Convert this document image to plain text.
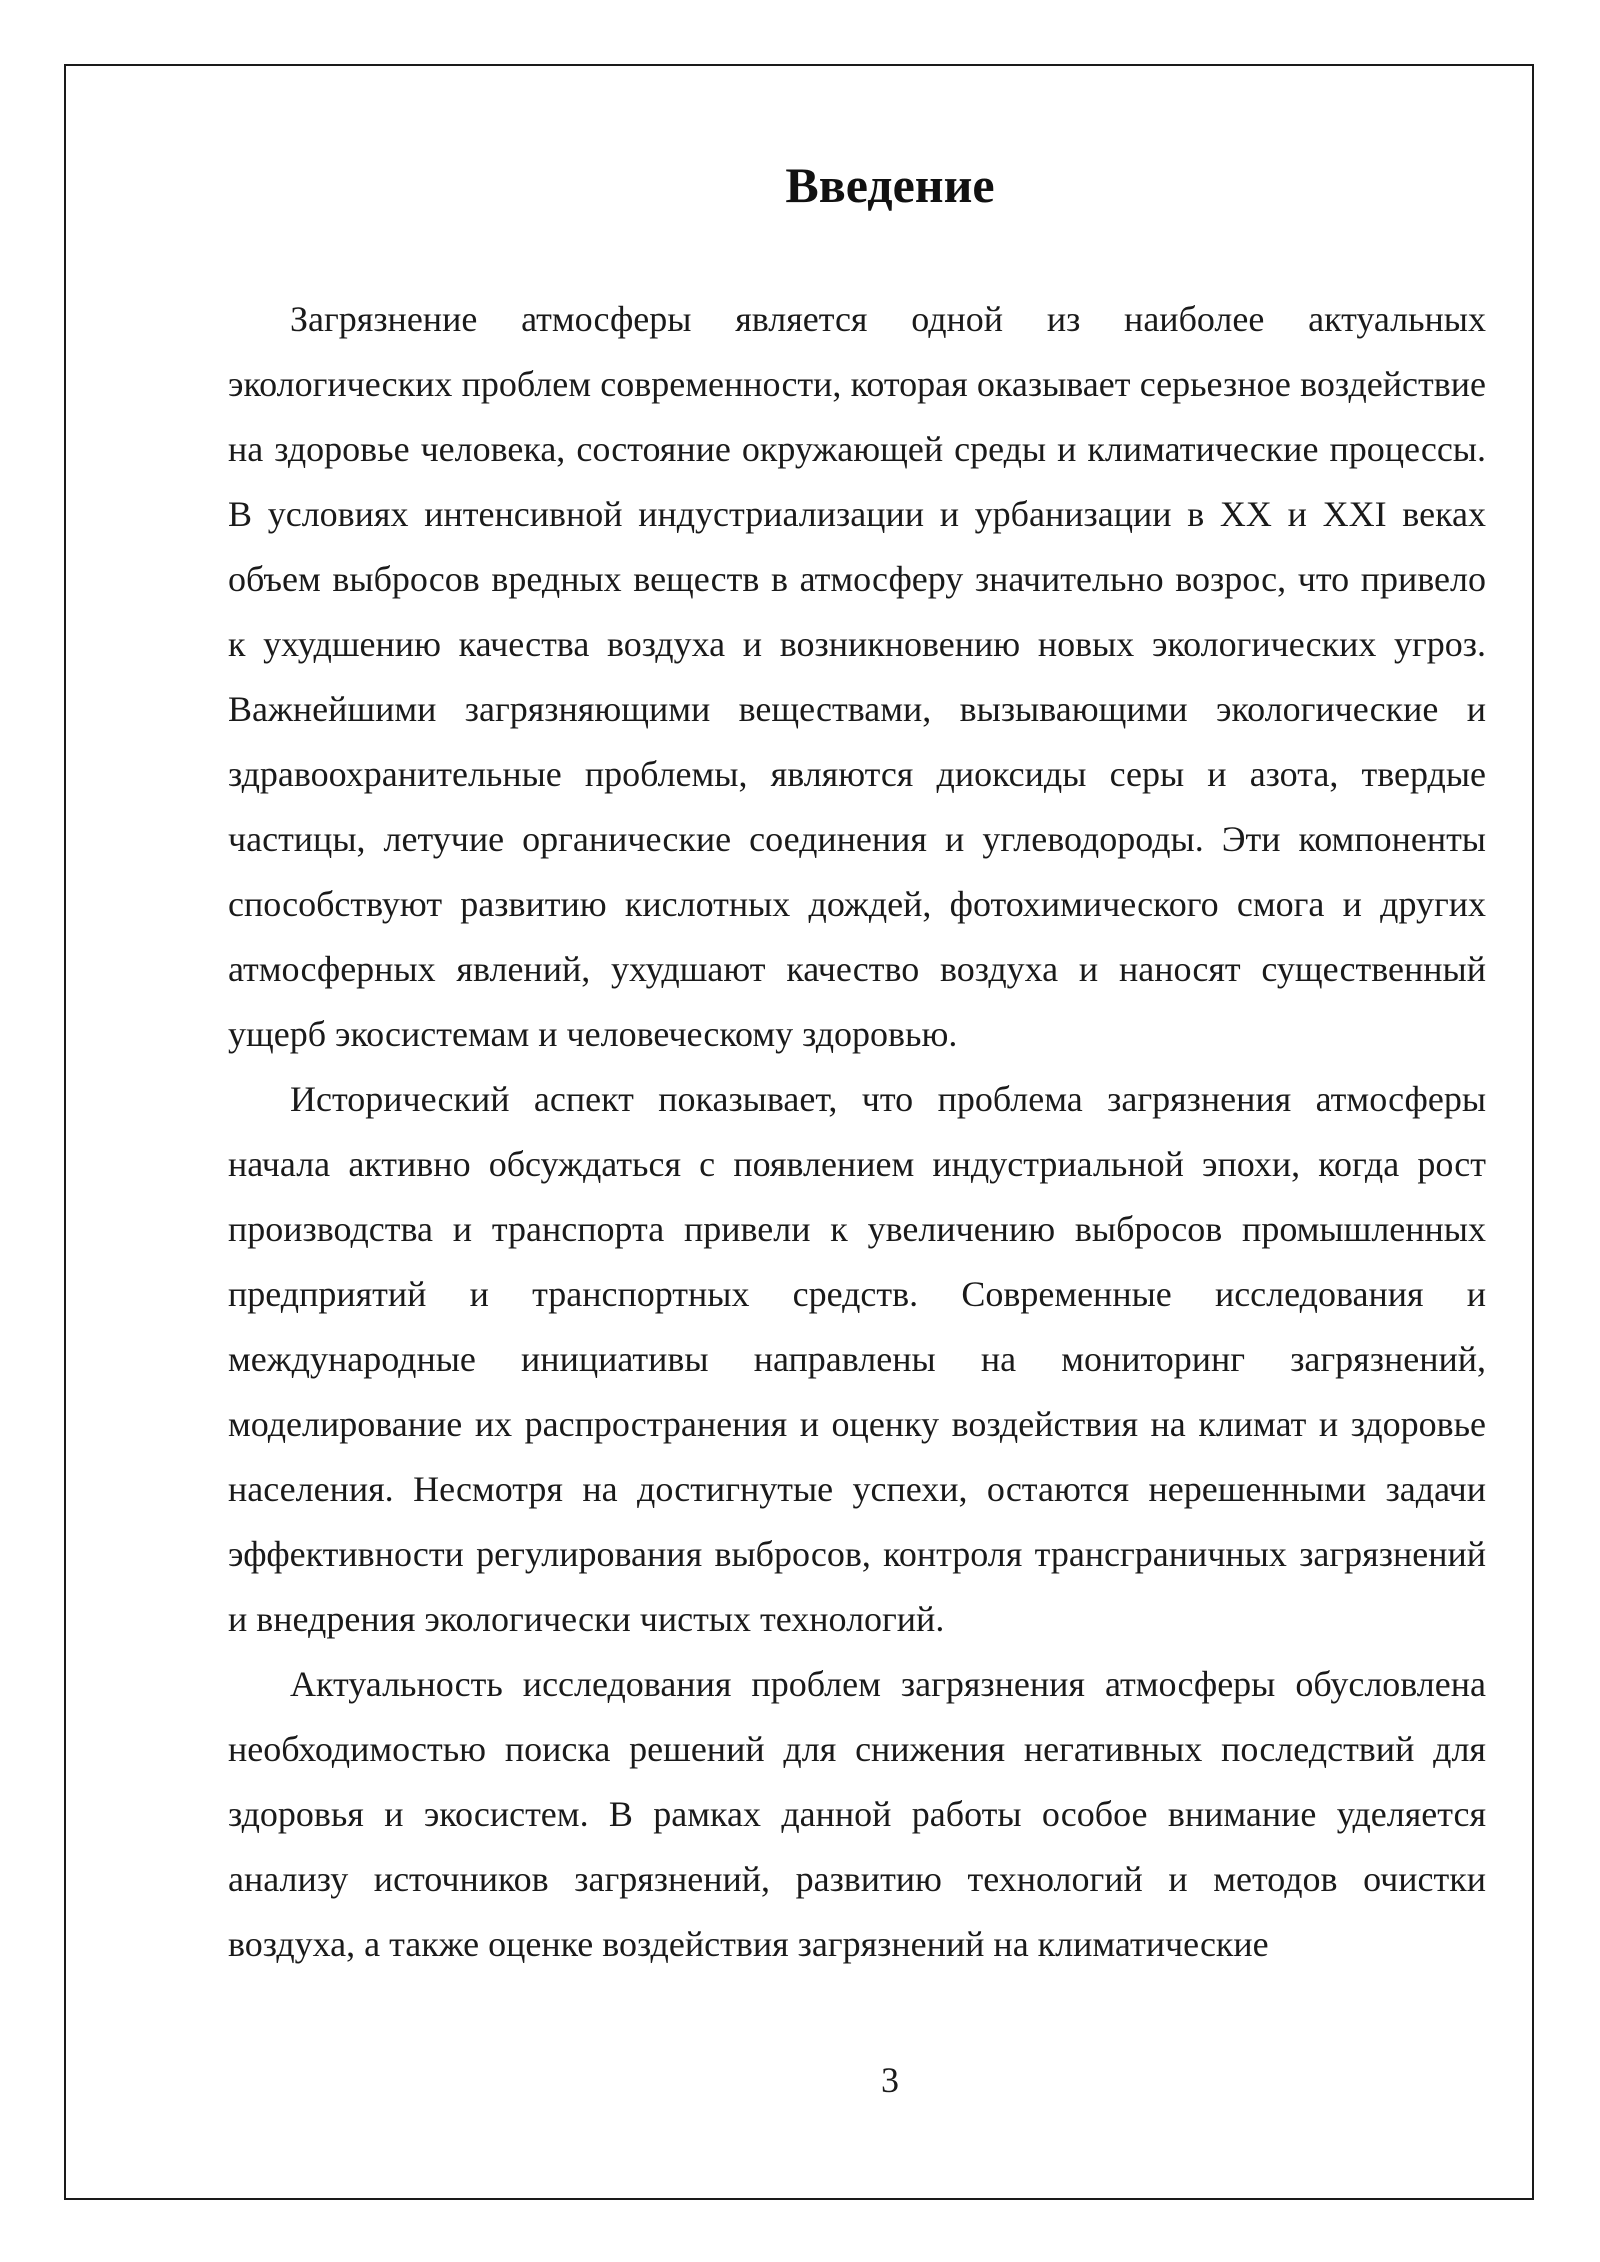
Введение

Загрязнение атмосферы является одной из наиболее актуальных экологических проблем современности, которая оказывает серьезное воздействие на здоровье человека, состояние окружающей среды и климатические процессы. В условиях интенсивной индустриализации и урбанизации в XX и XXI веках объем выбросов вредных веществ в атмосферу значительно возрос, что привело к ухудшению качества воздуха и возникновению новых экологических угроз. Важнейшими загрязняющими веществами, вызывающими экологические и здравоохранительные проблемы, являются диоксиды серы и азота, твердые частицы, летучие органические соединения и углеводороды. Эти компоненты способствуют развитию кислотных дождей, фотохимического смога и других атмосферных явлений, ухудшают качество воздуха и наносят существенный ущерб экосистемам и человеческому здоровью.

Исторический аспект показывает, что проблема загрязнения атмосферы начала активно обсуждаться с появлением индустриальной эпохи, когда рост производства и транспорта привели к увеличению выбросов промышленных предприятий и транспортных средств. Современные исследования и международные инициативы направлены на мониторинг загрязнений, моделирование их распространения и оценку воздействия на климат и здоровье населения. Несмотря на достигнутые успехи, остаются нерешенными задачи эффективности регулирования выбросов, контроля трансграничных загрязнений и внедрения экологически чистых технологий.

Актуальность исследования проблем загрязнения атмосферы обусловлена необходимостью поиска решений для снижения негативных последствий для здоровья и экосистем. В рамках данной работы особое внимание уделяется анализу источников загрязнений, развитию технологий и методов очистки воздуха, а также оценке воздействия загрязнений на климатические

3
